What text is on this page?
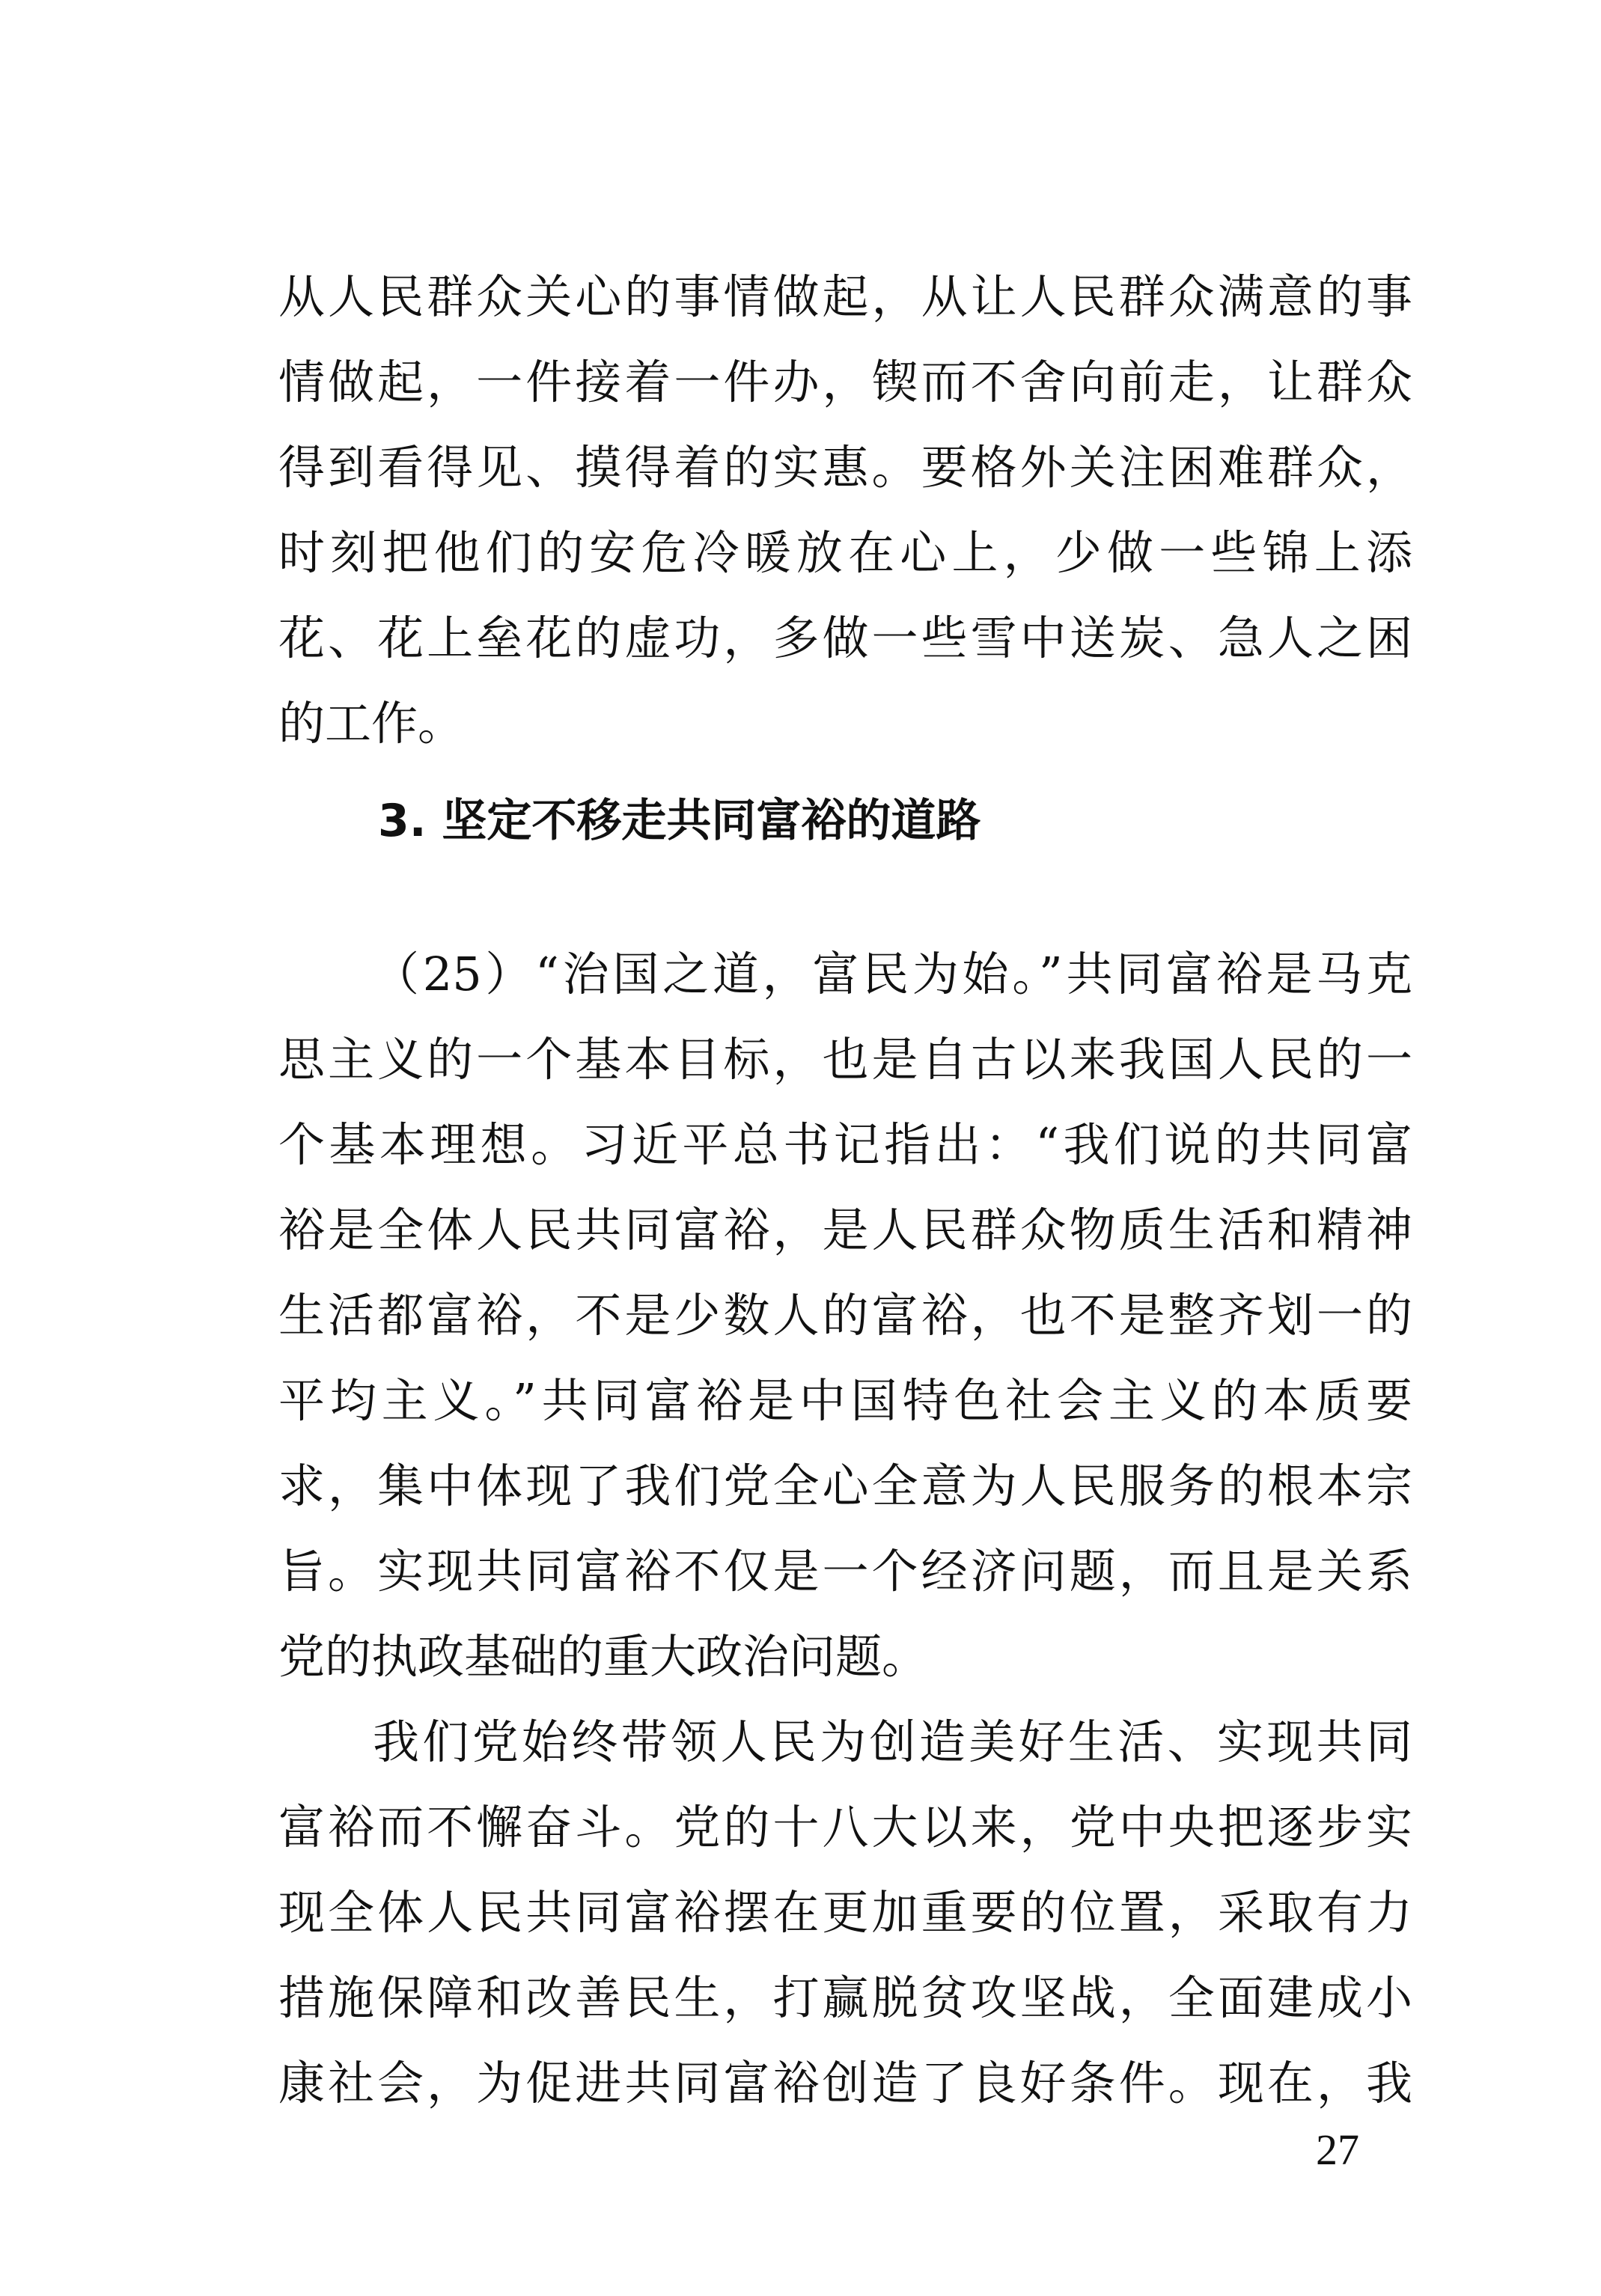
从人民群众关心的事情做起，从让人民群众满意的事
情做起，一件接着一件办，锲而不舍向前走，让群众
得到看得见、摸得着的实惠。要格外关注困难群众，
时刻把他们的安危冷暖放在心上，少做一些锦上添
花、花上垒花的虚功，多做一些雪中送炭、急人之困
的工作。
3. 坚定不移走共同富裕的道路
（25）“治国之道，富民为始。”共同富裕是马克
思主义的一个基本目标，也是自古以来我国人民的一
个基本理想。习近平总书记指出：“我们说的共同富
裕是全体人民共同富裕，是人民群众物质生活和精神
生活都富裕，不是少数人的富裕，也不是整齐划一的
平均主义。”共同富裕是中国特色社会主义的本质要
求，集中体现了我们党全心全意为人民服务的根本宗
旨。实现共同富裕不仅是一个经济问题，而且是关系
党的执政基础的重大政治问题。
我们党始终带领人民为创造美好生活、实现共同
富裕而不懈奋斗。党的十八大以来，党中央把逐步实
现全体人民共同富裕摆在更加重要的位置，采取有力
措施保障和改善民生，打赢脱贫攻坚战，全面建成小
康社会，为促进共同富裕创造了良好条件。现在，我
27
